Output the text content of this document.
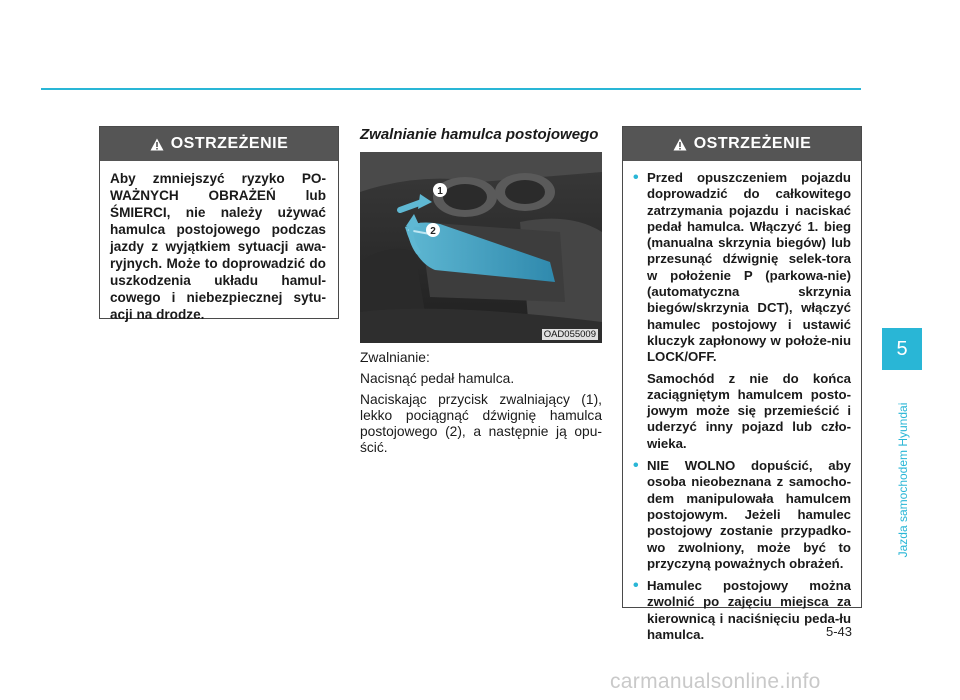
OSTRZEŻENIE
Aby zmniejszyć ryzyko PO-WAŻNYCH OBRAŻEŃ lub ŚMIERCI, nie należy używać hamulca postojowego podczas jazdy z wyjątkiem sytuacji awa-ryjnych. Może to doprowadzić do uszkodzenia układu hamul-cowego i niebezpiecznej sytu-acji na drodze.
Zwalnianie hamulca postojowego
1
2
OAD055009

Zwalnianie:

Nacisnąć pedał hamulca.

Naciskając przycisk zwalniający (1), lekko pociągnąć dźwignię hamulca postojowego (2), a następnie ją opu-ścić.

OSTRZEŻENIE
• Przed opuszczeniem pojazdu doprowadzić do całkowitego zatrzymania pojazdu i naciskać pedał hamulca. Włączyć 1. bieg (manualna skrzynia biegów) lub przesunąć dźwignię selek-tora w położenie P (parkowa-nie) (automatyczna skrzynia biegów/skrzynia DCT), włączyć hamulec postojowy i ustawić kluczyk zapłonowy w położe-niu LOCK/OFF.

Samochód z nie do końca zaciągniętym hamulcem posto-jowym może się przemieścić i uderzyć inny pojazd lub czło-wieka.

• NIE WOLNO dopuścić, aby osoba nieobeznana z samocho-dem manipulowała hamulcem postojowym. Jeżeli hamulec postojowy zostanie przypadko-wo zwolniony, może być to przyczyną poważnych obrażeń.
• Hamulec postojowy można zwolnić po zajęciu miejsca za kierownicą i naciśnięciu peda-łu hamulca.
5
Jazda samochodem Hyundai
5-43
carmanualsonline.info
